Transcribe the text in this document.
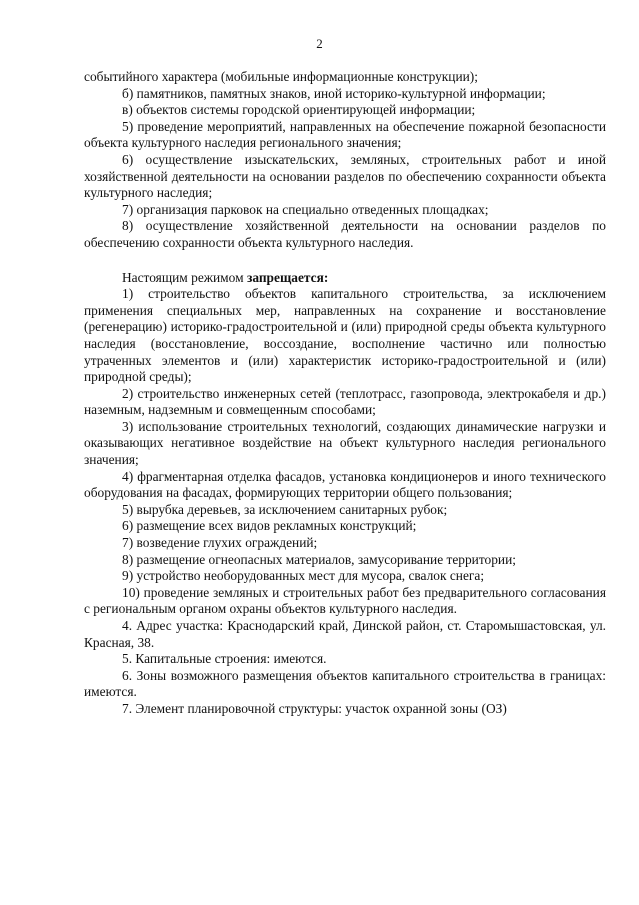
2

событийного характера (мобильные информационные конструкции);

б) памятников, памятных знаков, иной историко-культурной информации;

в) объектов системы городской ориентирующей информации;

5) проведение мероприятий, направленных на обеспечение пожарной безопасности объекта культурного наследия регионального значения;

6) осуществление изыскательских, земляных, строительных работ и иной хозяйственной деятельности на основании разделов по обеспечению сохранности объекта культурного наследия;

7) организация парковок на специально отведенных площадках;

8) осуществление хозяйственной деятельности на основании разделов по обеспечению сохранности объекта культурного наследия.

Настоящим режимом запрещается:

1) строительство объектов капитального строительства, за исключением применения специальных мер, направленных на сохранение и восстановление (регенерацию) историко-градостроительной и (или) природной среды объекта культурного наследия (восстановление, воссоздание, восполнение частично или полностью утраченных элементов и (или) характеристик историко-градостроительной и (или) природной среды);

2) строительство инженерных сетей (теплотрасс, газопровода, электрокабеля и др.) наземным, надземным и совмещенным способами;

3) использование строительных технологий, создающих динамические нагрузки и оказывающих негативное воздействие на объект культурного наследия регионального значения;

4) фрагментарная отделка фасадов, установка кондиционеров и иного технического оборудования на фасадах, формирующих территории общего пользования;

5) вырубка деревьев, за исключением санитарных рубок;

6) размещение всех видов рекламных конструкций;

7) возведение глухих ограждений;

8) размещение огнеопасных материалов, замусоривание территории;

9) устройство необорудованных мест для мусора, свалок снега;

10) проведение земляных и строительных работ без предварительного согласования с региональным органом охраны объектов культурного наследия.

4. Адрес участка: Краснодарский край, Динской район, ст. Старомышастовская, ул. Красная, 38.

5. Капитальные строения: имеются.

6. Зоны возможного размещения объектов капитального строительства в границах: имеются.

7. Элемент планировочной структуры: участок охранной зоны (ОЗ)
